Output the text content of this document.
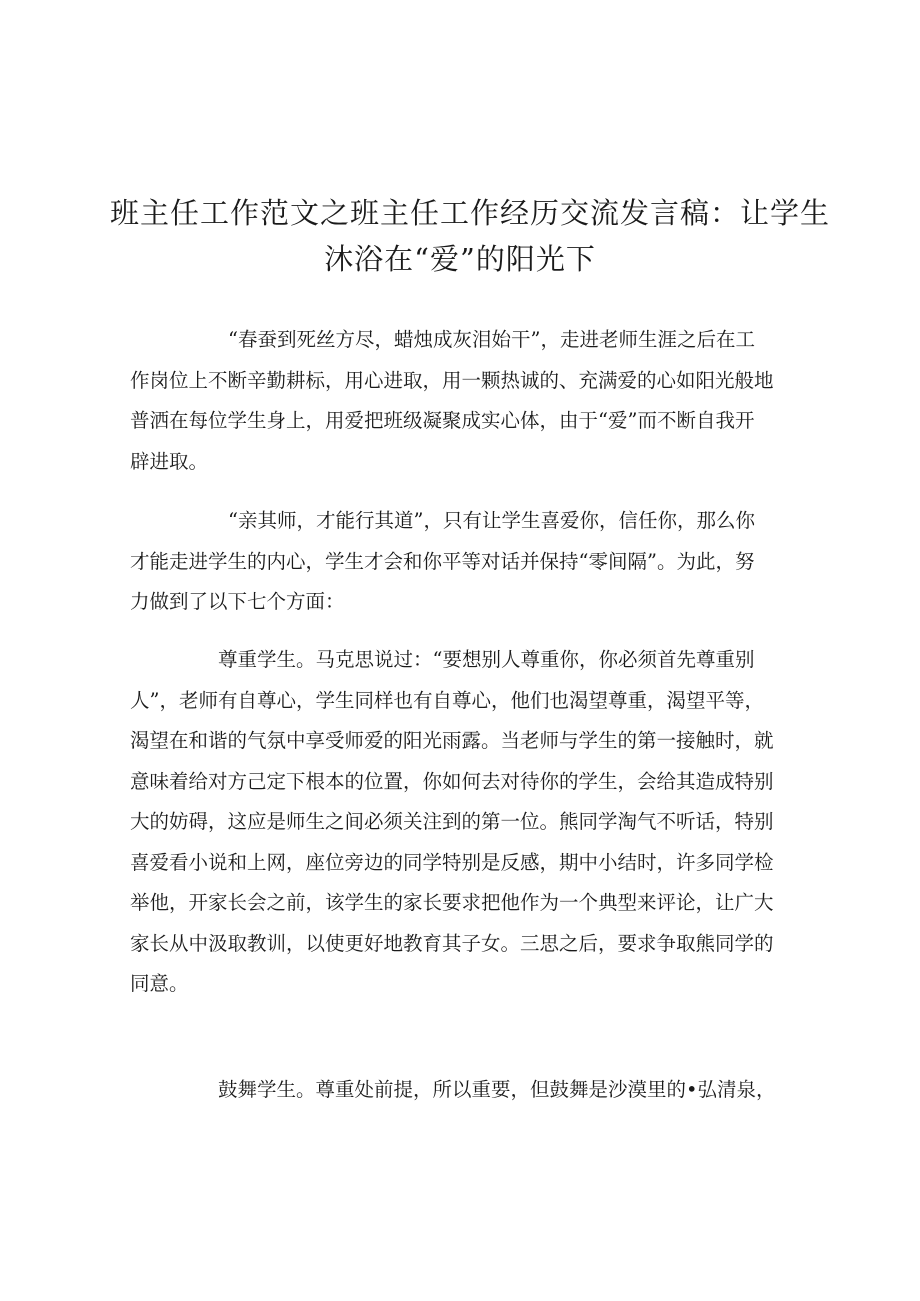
班主任工作范文之班主任工作经历交流发言稿：让学生
沐浴在“爱”的阳光下
“春蚕到死丝方尽，蜡烛成灰泪始干”，走进老师生涯之后在工
作岗位上不断辛勤耕标，用心进取，用一颗热诚的、充满爱的心如阳光般地
普洒在每位学生身上，用爱把班级凝聚成实心体，由于“爱”而不断自我开
辟进取。
“亲其师，才能行其道”，只有让学生喜爱你，信任你，那么你
才能走进学生的内心，学生才会和你平等对话并保持“零间隔”。为此，努
力做到了以下七个方面：
尊重学生。马克思说过：“要想别人尊重你，你必须首先尊重别
人”，老师有自尊心，学生同样也有自尊心，他们也渴望尊重，渴望平等，
渴望在和谐的气氛中享受师爱的阳光雨露。当老师与学生的第一接触时，就
意味着给对方己定下根本的位置，你如何去对待你的学生，会给其造成特别
大的妨碍，这应是师生之间必须关注到的第一位。熊同学淘气不听话，特别
喜爱看小说和上网，座位旁边的同学特别是反感，期中小结时，许多同学检
举他，开家长会之前，该学生的家长要求把他作为一个典型来评论，让广大
家长从中汲取教训，以使更好地教育其子女。三思之后，要求争取熊同学的
同意。
鼓舞学生。尊重处前提，所以重要，但鼓舞是沙漠里的•弘清泉，
